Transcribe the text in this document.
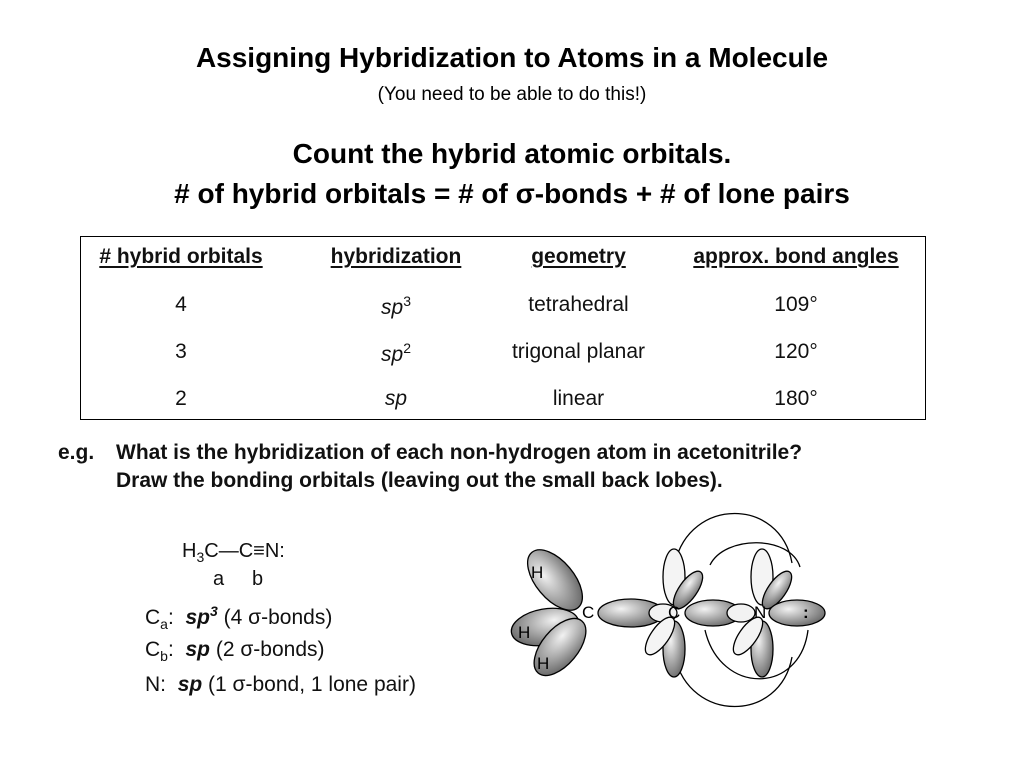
Assigning Hybridization to Atoms in a Molecule
(You need to be able to do this!)
Count the hybrid atomic orbitals.
# of hybrid orbitals = # of σ-bonds + # of lone pairs
# hybrid orbitals	hybridization	geometry	approx. bond angles
4	$sp^3$	tetrahedral	109°
3	$sp^2$	trigonal planar	120°
2	sp	linear	180°
e.g. What is the hybridization of each non-hydrogen atom in acetonitrile?
Draw the bonding orbitals (leaving out the small back lobes).
$H_3C—C\equiv N$:
a b
$C_a$: $sp^3$ (4 σ-bonds)
$C_b$: sp (2 σ-bonds)
N: sp (1 σ-bond, 1 lone pair)
H
H
H
C	C	N :
